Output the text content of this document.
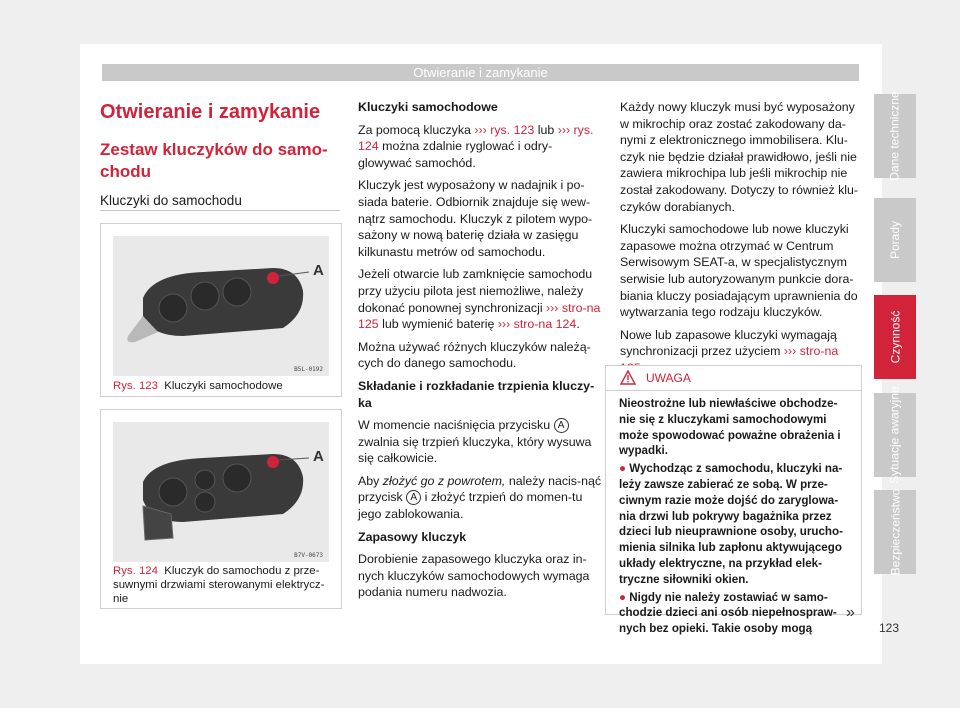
Otwieranie i zamykanie
Otwieranie i zamykanie
Zestaw kluczyków do samo-chodu
Kluczyki do samochodu
A
B5L-0192
Rys. 123 Kluczyki samochodowe
A
B7V-0673
Rys. 124 Kluczyk do samochodu z prze-suwnymi drzwiami sterowanymi elektrycz-nie

Kluczyki samochodowe

Za pomocą kluczyka ››› rys. 123 lub ››› rys. 124 można zdalnie ryglować i odry-glowywać samochód.

Kluczyk jest wyposażony w nadajnik i po-siada baterie. Odbiornik znajduje się wew-nątrz samochodu. Kluczyk z pilotem wypo-sażony w nową baterię działa w zasięgu kilkunastu metrów od samochodu.

Jeżeli otwarcie lub zamknięcie samochodu przy użyciu pilota jest niemożliwe, należy dokonać ponownej synchronizacji ››› stro-na 125 lub wymienić baterię ››› stro-na 124.

Można używać różnych kluczyków należą-cych do danego samochodu.

Składanie i rozkładanie trzpienia kluczy-ka

W momencie naciśnięcia przycisku A zwalnia się trzpień kluczyka, który wysuwa się całkowicie.

Aby złożyć go z powrotem, należy nacis-nąć przycisk A i złożyć trzpień do momen-tu jego zablokowania.

Zapasowy kluczyk

Dorobienie zapasowego kluczyka oraz in-nych kluczyków samochodowych wymaga podania numeru nadwozia.

Każdy nowy kluczyk musi być wyposażony w mikrochip oraz zostać zakodowany da-nymi z elektronicznego immobilisera. Klu-czyk nie będzie działał prawidłowo, jeśli nie zawiera mikrochipa lub jeśli mikrochip nie został zakodowany. Dotyczy to również klu-czyków dorabianych.

Kluczyki samochodowe lub nowe kluczyki zapasowe można otrzymać w Centrum Serwisowym SEAT-a, w specjalistycznym serwisie lub autoryzowanym punkcie dora-biania kluczy posiadającym uprawnienia do wytwarzania tego rodzaju kluczyków.

Nowe lub zapasowe kluczyki wymagają synchronizacji przez użyciem ››› stro-na

UWAGA

Nieostrożne lub niewłaściwe obchodze-nie się z kluczykami samochodowymi może spowodować poważne obrażenia i wypadki.

● Wychodząc z samochodu, kluczyki na-leży zawsze zabierać ze sobą. W prze-ciwnym razie może dojść do zaryglowa-nia drzwi lub pokrywy bagażnika przez dzieci lub nieuprawnione osoby, urucho-mienia silnika lub zapłonu aktywującego układy elektryczne, na przykład elek-tryczne siłowniki okien.

● Nigdy nie należy zostawiać w samo-chodzie dzieci ani osób niepełnospraw-nych bez opieki. Takie osoby mogą

»
Dane techniczne
Porady
Czynność
Sytuacje awaryjne
Bezpieczeństwo
123
